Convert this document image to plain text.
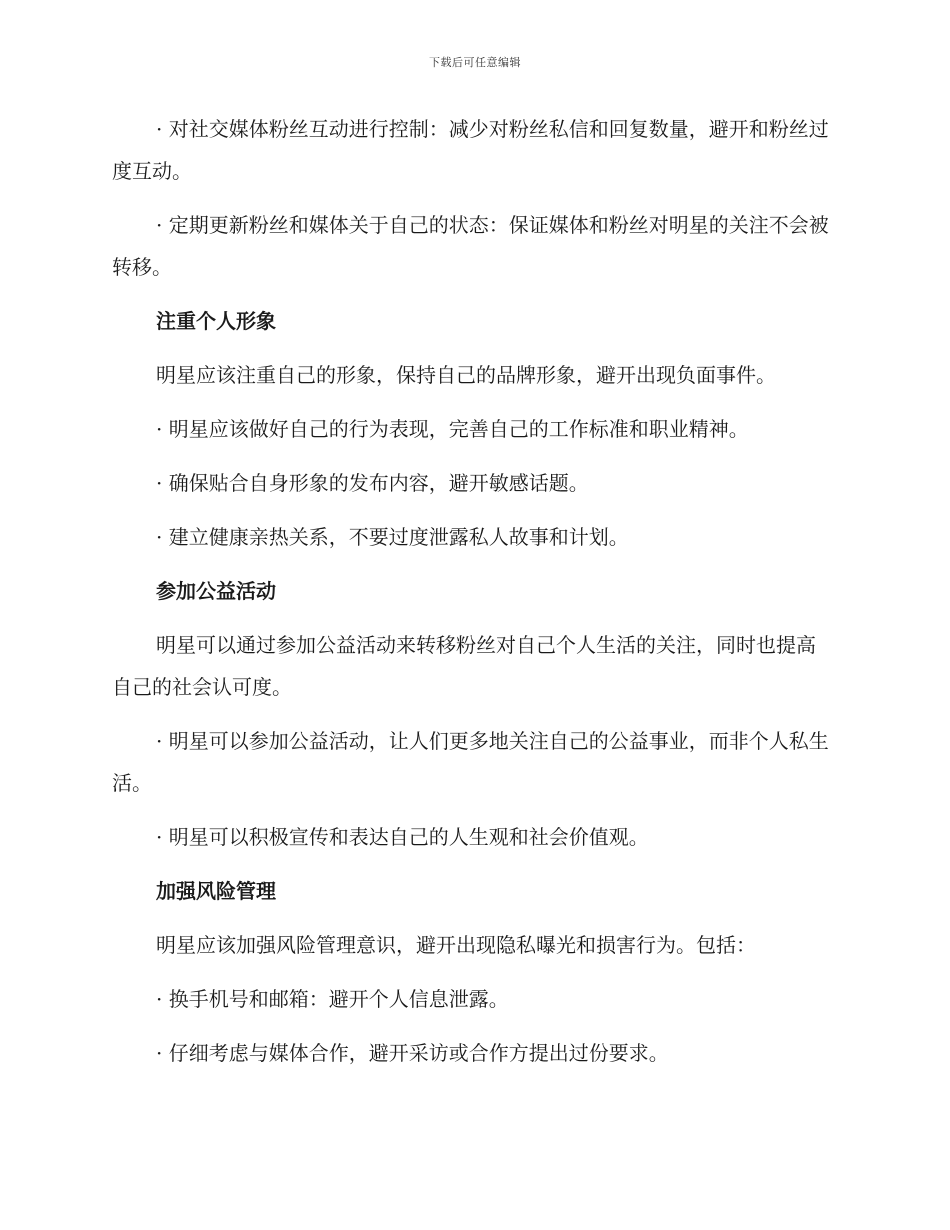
下载后可任意编辑

· 对社交媒体粉丝互动进行控制：减少对粉丝私信和回复数量，避开和粉丝过度互动。

· 定期更新粉丝和媒体关于自己的状态：保证媒体和粉丝对明星的关注不会被转移。

注重个人形象

明星应该注重自己的形象，保持自己的品牌形象，避开出现负面事件。

· 明星应该做好自己的行为表现，完善自己的工作标准和职业精神。

· 确保贴合自身形象的发布内容，避开敏感话题。

· 建立健康亲热关系，不要过度泄露私人故事和计划。

参加公益活动

明星可以通过参加公益活动来转移粉丝对自己个人生活的关注，同时也提高自己的社会认可度。

· 明星可以参加公益活动，让人们更多地关注自己的公益事业，而非个人私生活。

· 明星可以积极宣传和表达自己的人生观和社会价值观。

加强风险管理

明星应该加强风险管理意识，避开出现隐私曝光和损害行为。包括：

· 换手机号和邮箱：避开个人信息泄露。

· 仔细考虑与媒体合作，避开采访或合作方提出过份要求。
